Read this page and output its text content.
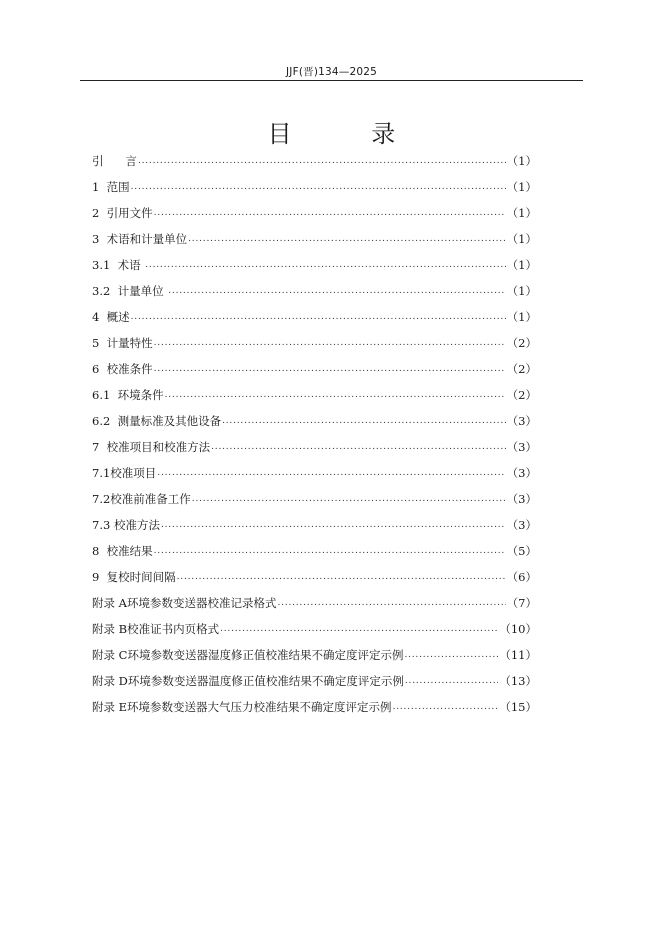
JJF(晋)134—2025
目 录
引      言 .....	（1）
1  范围 .....	（1）
2  引用文件 .....	（1）
3  术语和计量单位 .....	（1）
3.1  术语 .....	（1）
3.2  计量单位 .....	（1）
4  概述 .....	（1）
5  计量特性 .....	（2）
6  校准条件 .....	（2）
6.1  环境条件 .....	（2）
6.2  测量标准及其他设备 .....	（3）
7  校准项目和校准方法 .....	（3）
7.1校准项目 .....	（3）
7.2校准前准备工作 .....	（3）
7.3 校准方法 .....	（3）
8  校准结果 .....	（5）
9  复校时间间隔 .....	（6）
附录 A环境参数变送器校准记录格式 .....	（7）
附录 B校准证书内页格式 .....	（10）
附录 C环境参数变送器湿度修正值校准结果不确定度评定示例 .....	（11）
附录 D环境参数变送器温度修正值校准结果不确定度评定示例 .....	（13）
附录 E环境参数变送器大气压力校准结果不确定度评定示例 .....	（15）
